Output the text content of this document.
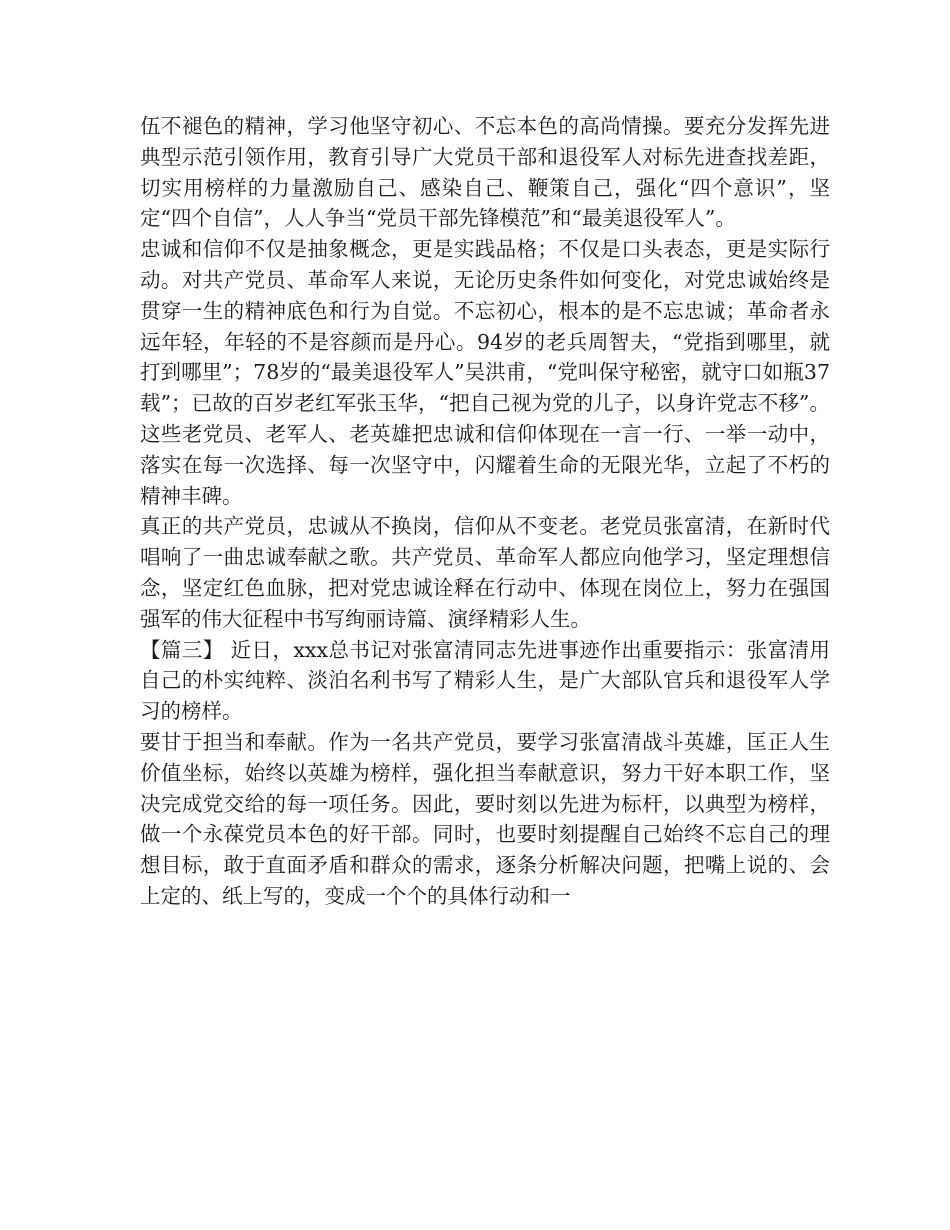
伍不褪色的精神，学习他坚守初心、不忘本色的高尚情操。要充分发挥先进典型示范引领作用，教育引导广大党员干部和退役军人对标先进查找差距，切实用榜样的力量激励自己、感染自己、鞭策自己，强化“四个意识”，坚定“四个自信”，人人争当“党员干部先锋模范”和“最美退役军人”。

忠诚和信仰不仅是抽象概念，更是实践品格；不仅是口头表态，更是实际行动。对共产党员、革命军人来说，无论历史条件如何变化，对党忠诚始终是贯穿一生的精神底色和行为自觉。不忘初心，根本的是不忘忠诚；革命者永远年轻，年轻的不是容颜而是丹心。94岁的老兵周智夫，“党指到哪里，就打到哪里”；78岁的“最美退役军人”吴洪甫，“党叫保守秘密，就守口如瓶37载”；已故的百岁老红军张玉华，“把自己视为党的儿子，以身许党志不移”。这些老党员、老军人、老英雄把忠诚和信仰体现在一言一行、一举一动中，落实在每一次选择、每一次坚守中，闪耀着生命的无限光华，立起了不朽的精神丰碑。

真正的共产党员，忠诚从不换岗，信仰从不变老。老党员张富清，在新时代唱响了一曲忠诚奉献之歌。共产党员、革命军人都应向他学习，坚定理想信念，坚定红色血脉，把对党忠诚诠释在行动中、体现在岗位上，努力在强国强军的伟大征程中书写绚丽诗篇、演绎精彩人生。

【篇三】 近日，xxx总书记对张富清同志先进事迹作出重要指示：张富清用自己的朴实纯粹、淡泊名利书写了精彩人生，是广大部队官兵和退役军人学习的榜样。

要甘于担当和奉献。作为一名共产党员，要学习张富清战斗英雄，匡正人生价值坐标，始终以英雄为榜样，强化担当奉献意识，努力干好本职工作，坚决完成党交给的每一项任务。因此，要时刻以先进为标杆，以典型为榜样，做一个永葆党员本色的好干部。同时，也要时刻提醒自己始终不忘自己的理想目标，敢于直面矛盾和群众的需求，逐条分析解决问题，把嘴上说的、会上定的、纸上写的，变成一个个的具体行动和一
